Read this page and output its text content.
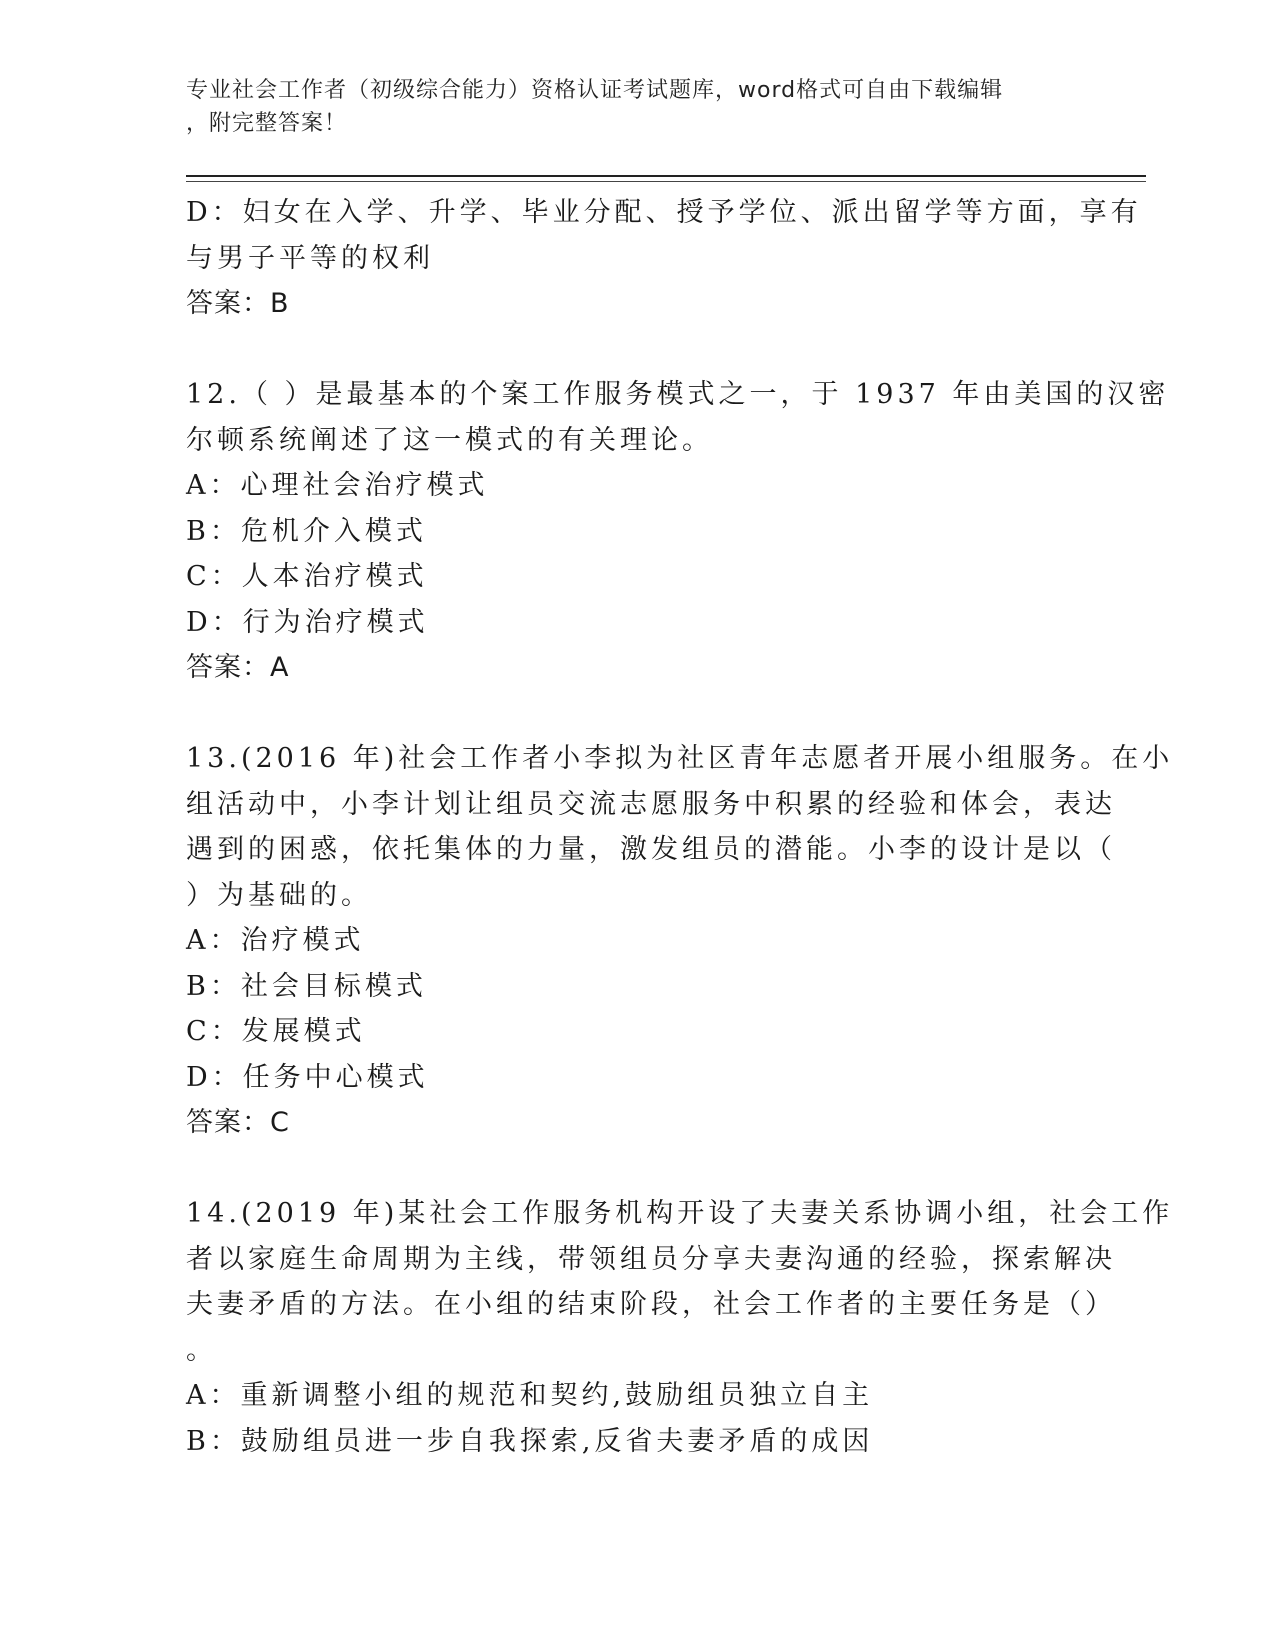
专业社会工作者（初级综合能力）资格认证考试题库，word格式可自由下载编辑
，附完整答案！
D：妇女在入学、升学、毕业分配、授予学位、派出留学等方面，享有
与男子平等的权利
答案：B
12.（ ）是最基本的个案工作服务模式之一，于 1937 年由美国的汉密
尔顿系统阐述了这一模式的有关理论。
A：心理社会治疗模式
B：危机介入模式
C：人本治疗模式
D：行为治疗模式
答案：A
13.(2016 年)社会工作者小李拟为社区青年志愿者开展小组服务。在小
组活动中，小李计划让组员交流志愿服务中积累的经验和体会，表达
遇到的困惑，依托集体的力量，激发组员的潜能。小李的设计是以（
）为基础的。
A：治疗模式
B：社会目标模式
C：发展模式
D：任务中心模式
答案：C
14.(2019 年)某社会工作服务机构开设了夫妻关系协调小组，社会工作
者以家庭生命周期为主线，带领组员分享夫妻沟通的经验，探索解决
夫妻矛盾的方法。在小组的结束阶段，社会工作者的主要任务是（）
。
A：重新调整小组的规范和契约,鼓励组员独立自主
B：鼓励组员进一步自我探索,反省夫妻矛盾的成因
